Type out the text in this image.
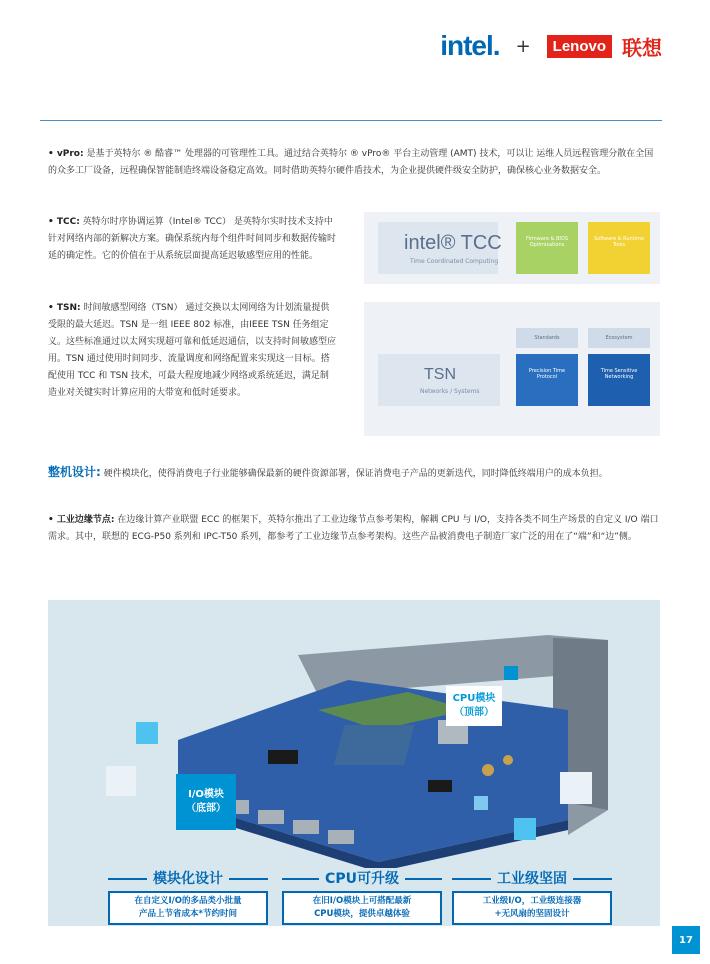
intel. +	Lenovo 联想
• vPro: 是基于英特尔 ® 酷睿™ 处理器的可管理性工具。通过结合英特尔 ® vPro® 平台主动管理 (AMT) 技术，可以让 运维人员远程管理分散在全国的众多工厂设备，远程确保智能制造终端设备稳定高效。同时借助英特尔硬件盾技术，为企业提供硬件级安全防护，确保核心业务数据安全。
• TCC: 英特尔时序协调运算（Intel® TCC） 是英特尔实时技术支持中针对网络内部的新解决方案。确保系统内每个组件时间同步和数据传输时延的确定性。它的价值在于从系统层面提高延迟敏感型应用的性能。
intel® TCC
Time Coordinated Computing
Firmware & BIOS Optimizations
Software & Runtime Tools
• TSN: 时间敏感型网络（TSN） 通过交换以太网网络为计划流量提供受限的最大延迟。TSN 是一组 IEEE 802 标准，由IEEE TSN 任务组定义。这些标准通过以太网实现超可靠和低延迟通信，以支持时间敏感型应用。TSN 通过使用时间同步、流量调度和网络配置来实现这一目标。搭配使用 TCC 和 TSN 技术，可最大程度地减少网络或系统延迟，满足制造业对关键实时计算应用的大带宽和低时延要求。
TSN
Networks / Systems
Standards	Ecosystem
Precision Time Protocol
Time Sensitive Networking
整机设计: 硬件模块化，使得消费电子行业能够确保最新的硬件资源部署，保证消费电子产品的更新迭代，同时降低终端用户的成本负担。
• 工业边缘节点: 在边缘计算产业联盟 ECC 的框架下，英特尔推出了工业边缘节点参考架构，解耦 CPU 与 I/O，支持各类不同生产场景的自定义 I/O 端口需求。其中，联想的 ECG-P50 系列和 IPC-T50 系列，都参考了工业边缘节点参考架构。这些产品被消费电子制造厂家广泛的用在了“端”和“边”侧。
CPU模块
（顶部）
I/O模块
（底部）
模块化设计
在自定义I/O的多品类小批量
产品上节省成本*节约时间
CPU可升级
在旧I/O模块上可搭配最新
CPU模块，提供卓越体验
工业级坚固
工业级I/O，工业级连接器
+无风扇的坚固设计
17
